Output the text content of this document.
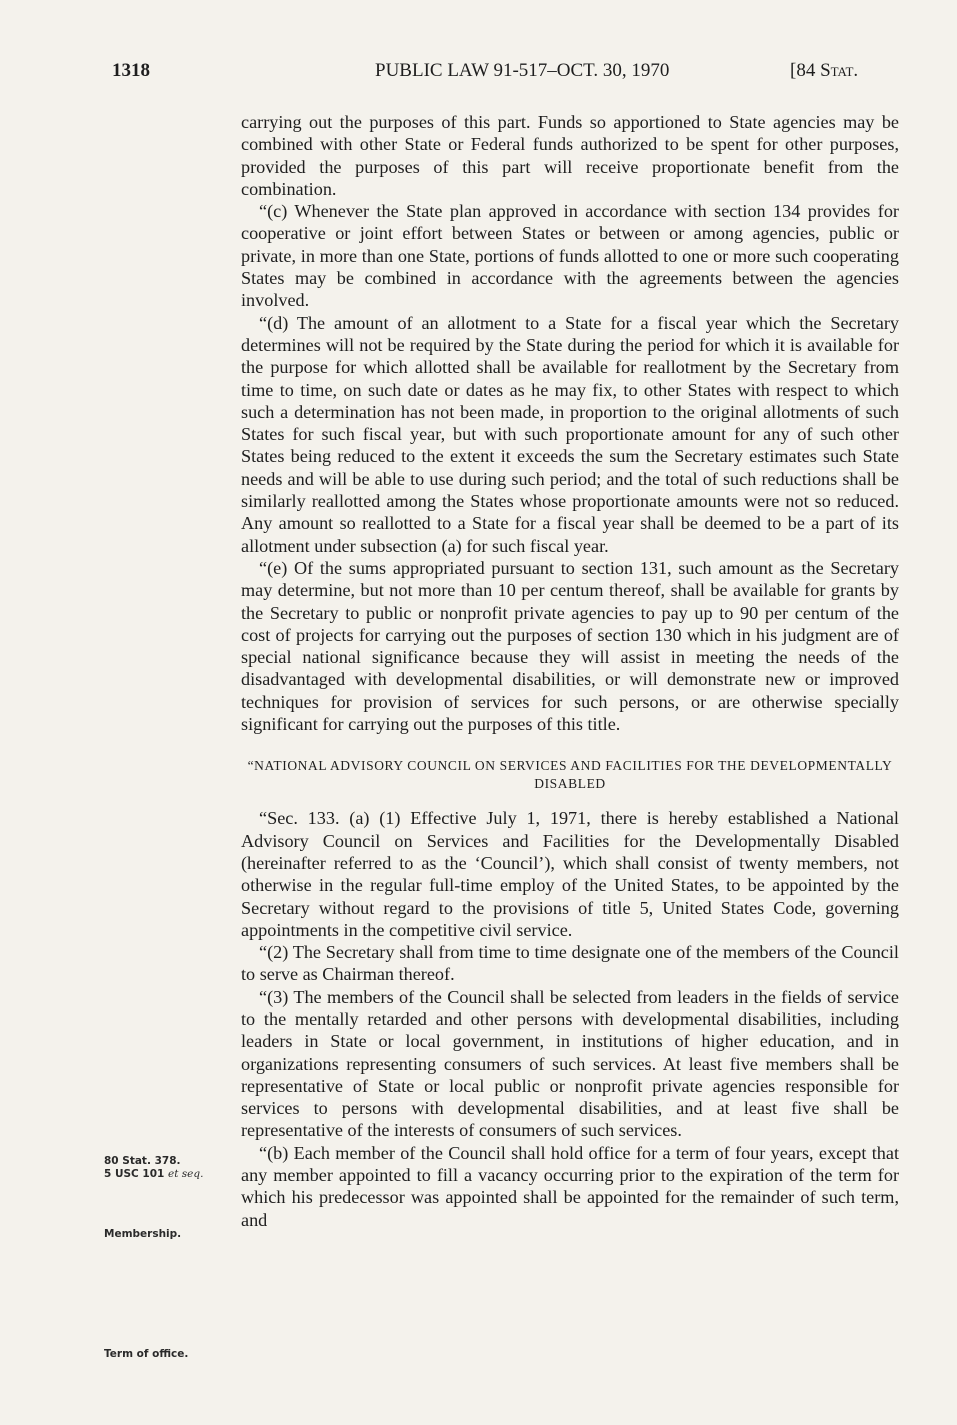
1318	PUBLIC LAW 91-517–OCT. 30, 1970	[84 Stat.
80 Stat. 378.
5 USC 101 et seq.
Membership.
Term of office.

carrying out the purposes of this part. Funds so apportioned to State agencies may be combined with other State or Federal funds authorized to be spent for other purposes, provided the purposes of this part will receive proportionate benefit from the combination.

“(c) Whenever the State plan approved in accordance with section 134 provides for cooperative or joint effort between States or between or among agencies, public or private, in more than one State, portions of funds allotted to one or more such cooperating States may be combined in accordance with the agreements between the agencies involved.

“(d) The amount of an allotment to a State for a fiscal year which the Secretary determines will not be required by the State during the period for which it is available for the purpose for which allotted shall be available for reallotment by the Secretary from time to time, on such date or dates as he may fix, to other States with respect to which such a determination has not been made, in proportion to the original allotments of such States for such fiscal year, but with such proportionate amount for any of such other States being reduced to the extent it exceeds the sum the Secretary estimates such State needs and will be able to use during such period; and the total of such reductions shall be similarly reallotted among the States whose proportionate amounts were not so reduced. Any amount so reallotted to a State for a fiscal year shall be deemed to be a part of its allotment under subsection (a) for such fiscal year.

“(e) Of the sums appropriated pursuant to section 131, such amount as the Secretary may determine, but not more than 10 per centum thereof, shall be available for grants by the Secretary to public or nonprofit private agencies to pay up to 90 per centum of the cost of projects for carrying out the purposes of section 130 which in his judgment are of special national significance because they will assist in meeting the needs of the disadvantaged with developmental disabilities, or will demonstrate new or improved techniques for provision of services for such persons, or are otherwise specially significant for carrying out the purposes of this title.

“NATIONAL ADVISORY COUNCIL ON SERVICES AND FACILITIES FOR THE DEVELOPMENTALLY DISABLED

“Sec. 133. (a) (1) Effective July 1, 1971, there is hereby established a National Advisory Council on Services and Facilities for the Developmentally Disabled (hereinafter referred to as the ‘Council’), which shall consist of twenty members, not otherwise in the regular full-time employ of the United States, to be appointed by the Secretary without regard to the provisions of title 5, United States Code, governing appointments in the competitive civil service.

“(2) The Secretary shall from time to time designate one of the members of the Council to serve as Chairman thereof.

“(3) The members of the Council shall be selected from leaders in the fields of service to the mentally retarded and other persons with developmental disabilities, including leaders in State or local government, in institutions of higher education, and in organizations representing consumers of such services. At least five members shall be representative of State or local public or nonprofit private agencies responsible for services to persons with developmental disabilities, and at least five shall be representative of the interests of consumers of such services.

“(b) Each member of the Council shall hold office for a term of four years, except that any member appointed to fill a vacancy occurring prior to the expiration of the term for which his predecessor was appointed shall be appointed for the remainder of such term, and
